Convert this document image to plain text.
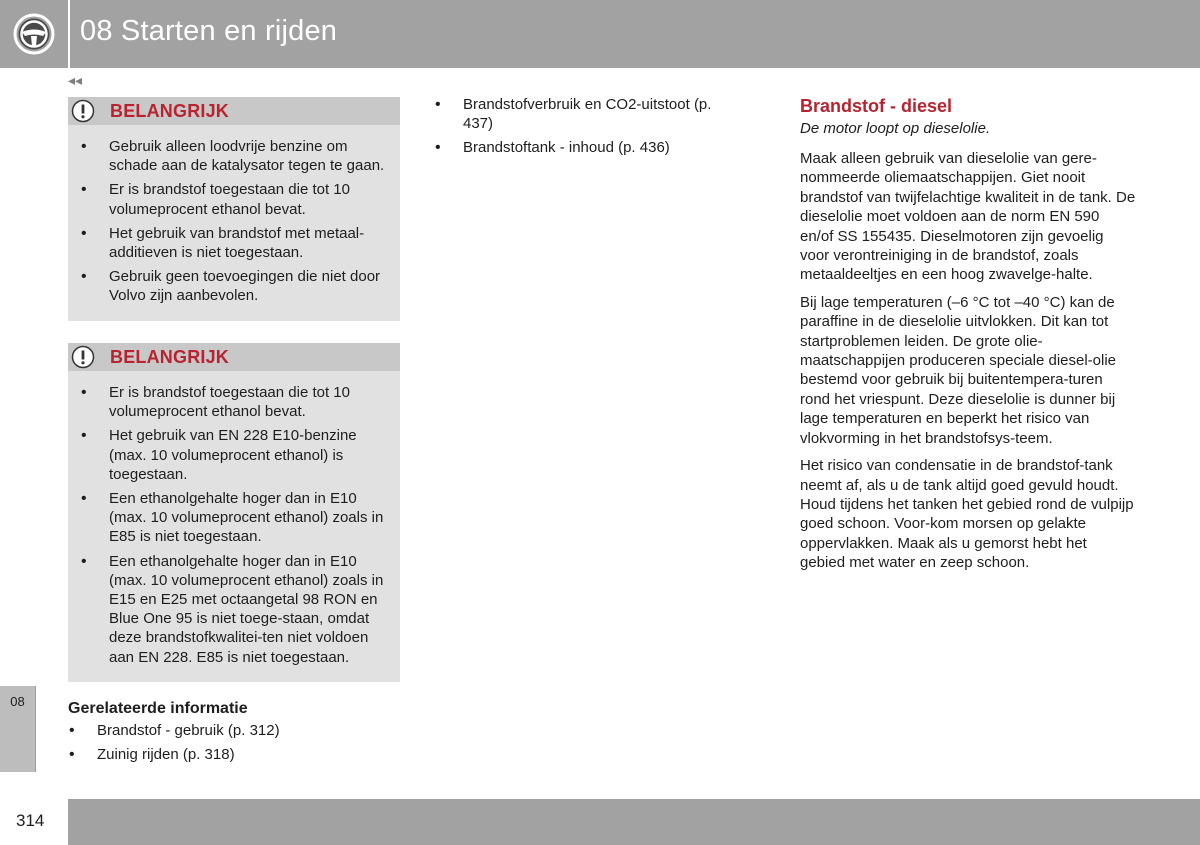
08 Starten en rijden
◂◂
BELANGRIJK
• Gebruik alleen loodvrije benzine om schade aan de katalysator tegen te gaan.
• Er is brandstof toegestaan die tot 10 volumeprocent ethanol bevat.
• Het gebruik van brandstof met metaal-additieven is niet toegestaan.
• Gebruik geen toevoegingen die niet door Volvo zijn aanbevolen.
BELANGRIJK
• Er is brandstof toegestaan die tot 10 volumeprocent ethanol bevat.
• Het gebruik van EN 228 E10-benzine (max. 10 volumeprocent ethanol) is toegestaan.
• Een ethanolgehalte hoger dan in E10 (max. 10 volumeprocent ethanol) zoals in E85 is niet toegestaan.
• Een ethanolgehalte hoger dan in E10 (max. 10 volumeprocent ethanol) zoals in E15 en E25 met octaangetal 98 RON en Blue One 95 is niet toege-staan, omdat deze brandstofkwalitei-ten niet voldoen aan EN 228. E85 is niet toegestaan.
08	Gerelateerde informatie

• Brandstof - gebruik (p. 312)
• Zuinig rijden (p. 318)
• Brandstofverbruik en CO2-uitstoot (p. 437)
• Brandstoftank - inhoud (p. 436)
Brandstof - diesel

De motor loopt op dieselolie.

Maak alleen gebruik van dieselolie van gere-nommeerde oliemaatschappijen. Giet nooit brandstof van twijfelachtige kwaliteit in de tank. De dieselolie moet voldoen aan de norm EN 590 en/of SS 155435. Dieselmotoren zijn gevoelig voor verontreiniging in de brandstof, zoals metaaldeeltjes en een hoog zwavelge-halte.

Bij lage temperaturen (–6 °C tot –40 °C) kan de paraffine in de dieselolie uitvlokken. Dit kan tot startproblemen leiden. De grote olie-maatschappijen produceren speciale diesel-olie bestemd voor gebruik bij buitentempera-turen rond het vriespunt. Deze dieselolie is dunner bij lage temperaturen en beperkt het risico van vlokvorming in het brandstofsys-teem.

Het risico van condensatie in de brandstof-tank neemt af, als u de tank altijd goed gevuld houdt. Houd tijdens het tanken het gebied rond de vulpijp goed schoon. Voor-kom morsen op gelakte oppervlakken. Maak als u gemorst hebt het gebied met water en zeep schoon.

314
